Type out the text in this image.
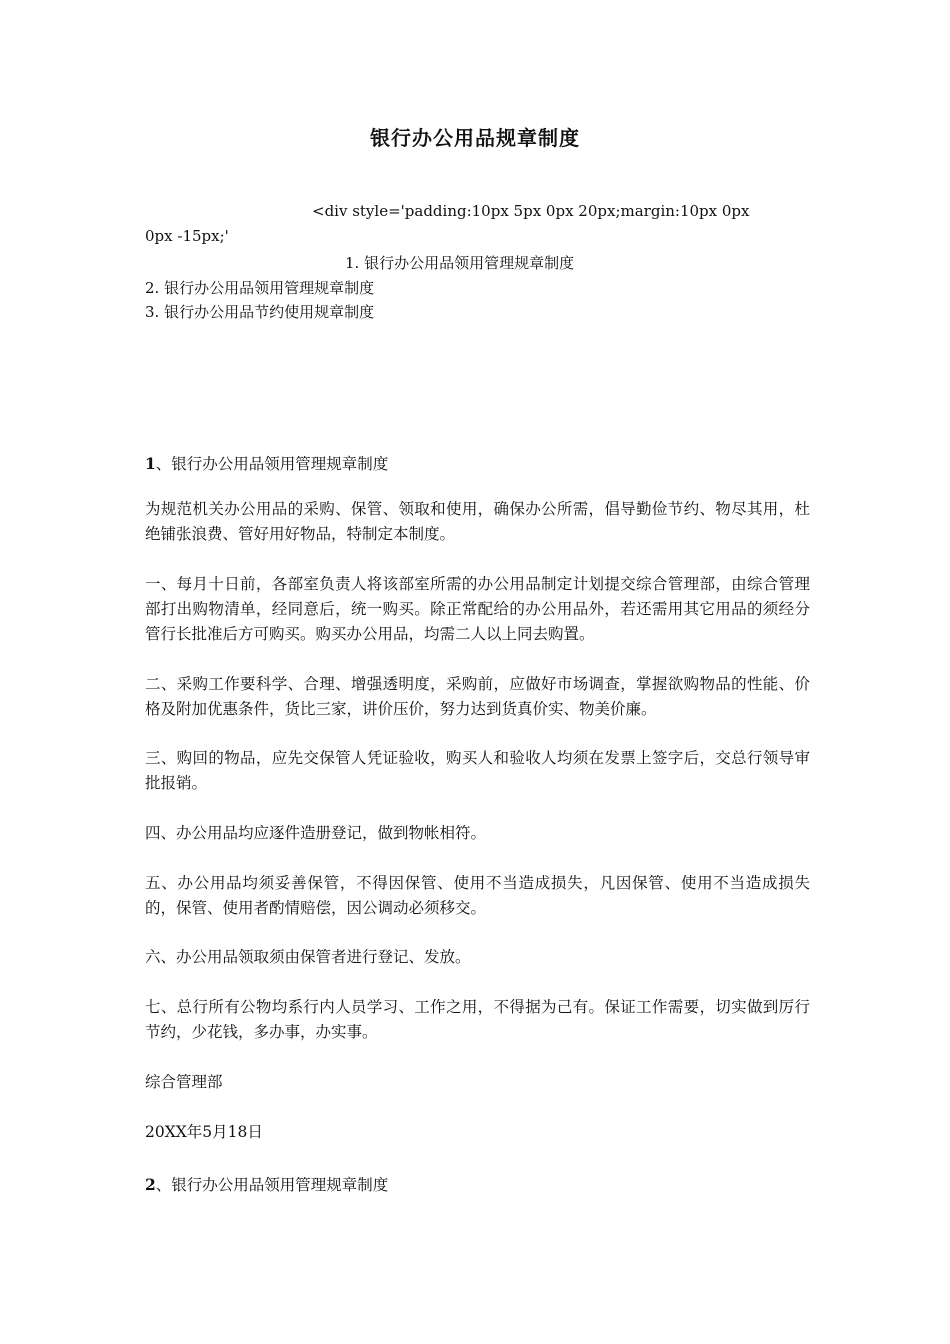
银行办公用品规章制度
<div style='padding:10px 5px 0px 20px;margin:10px 0px
0px -15px;'
1. 银行办公用品领用管理规章制度
2. 银行办公用品领用管理规章制度
3. 银行办公用品节约使用规章制度
1、银行办公用品领用管理规章制度
为规范机关办公用品的采购、保管、领取和使用，确保办公所需，倡导勤俭节约、物尽其用，杜绝铺张浪费、管好用好物品，特制定本制度。
一、每月十日前，各部室负责人将该部室所需的办公用品制定计划提交综合管理部，由综合管理部打出购物清单，经同意后，统一购买。除正常配给的办公用品外，若还需用其它用品的须经分管行长批准后方可购买。购买办公用品，均需二人以上同去购置。
二、采购工作要科学、合理、增强透明度，采购前，应做好市场调查，掌握欲购物品的性能、价格及附加优惠条件，货比三家，讲价压价，努力达到货真价实、物美价廉。
三、购回的物品，应先交保管人凭证验收，购买人和验收人均须在发票上签字后，交总行领导审批报销。
四、办公用品均应逐件造册登记，做到物帐相符。
五、办公用品均须妥善保管，不得因保管、使用不当造成损失，凡因保管、使用不当造成损失的，保管、使用者酌情赔偿，因公调动必须移交。
六、办公用品领取须由保管者进行登记、发放。
七、总行所有公物均系行内人员学习、工作之用，不得据为己有。保证工作需要，切实做到厉行节约，少花钱，多办事，办实事。
综合管理部
20XX年5月18日
2、银行办公用品领用管理规章制度
